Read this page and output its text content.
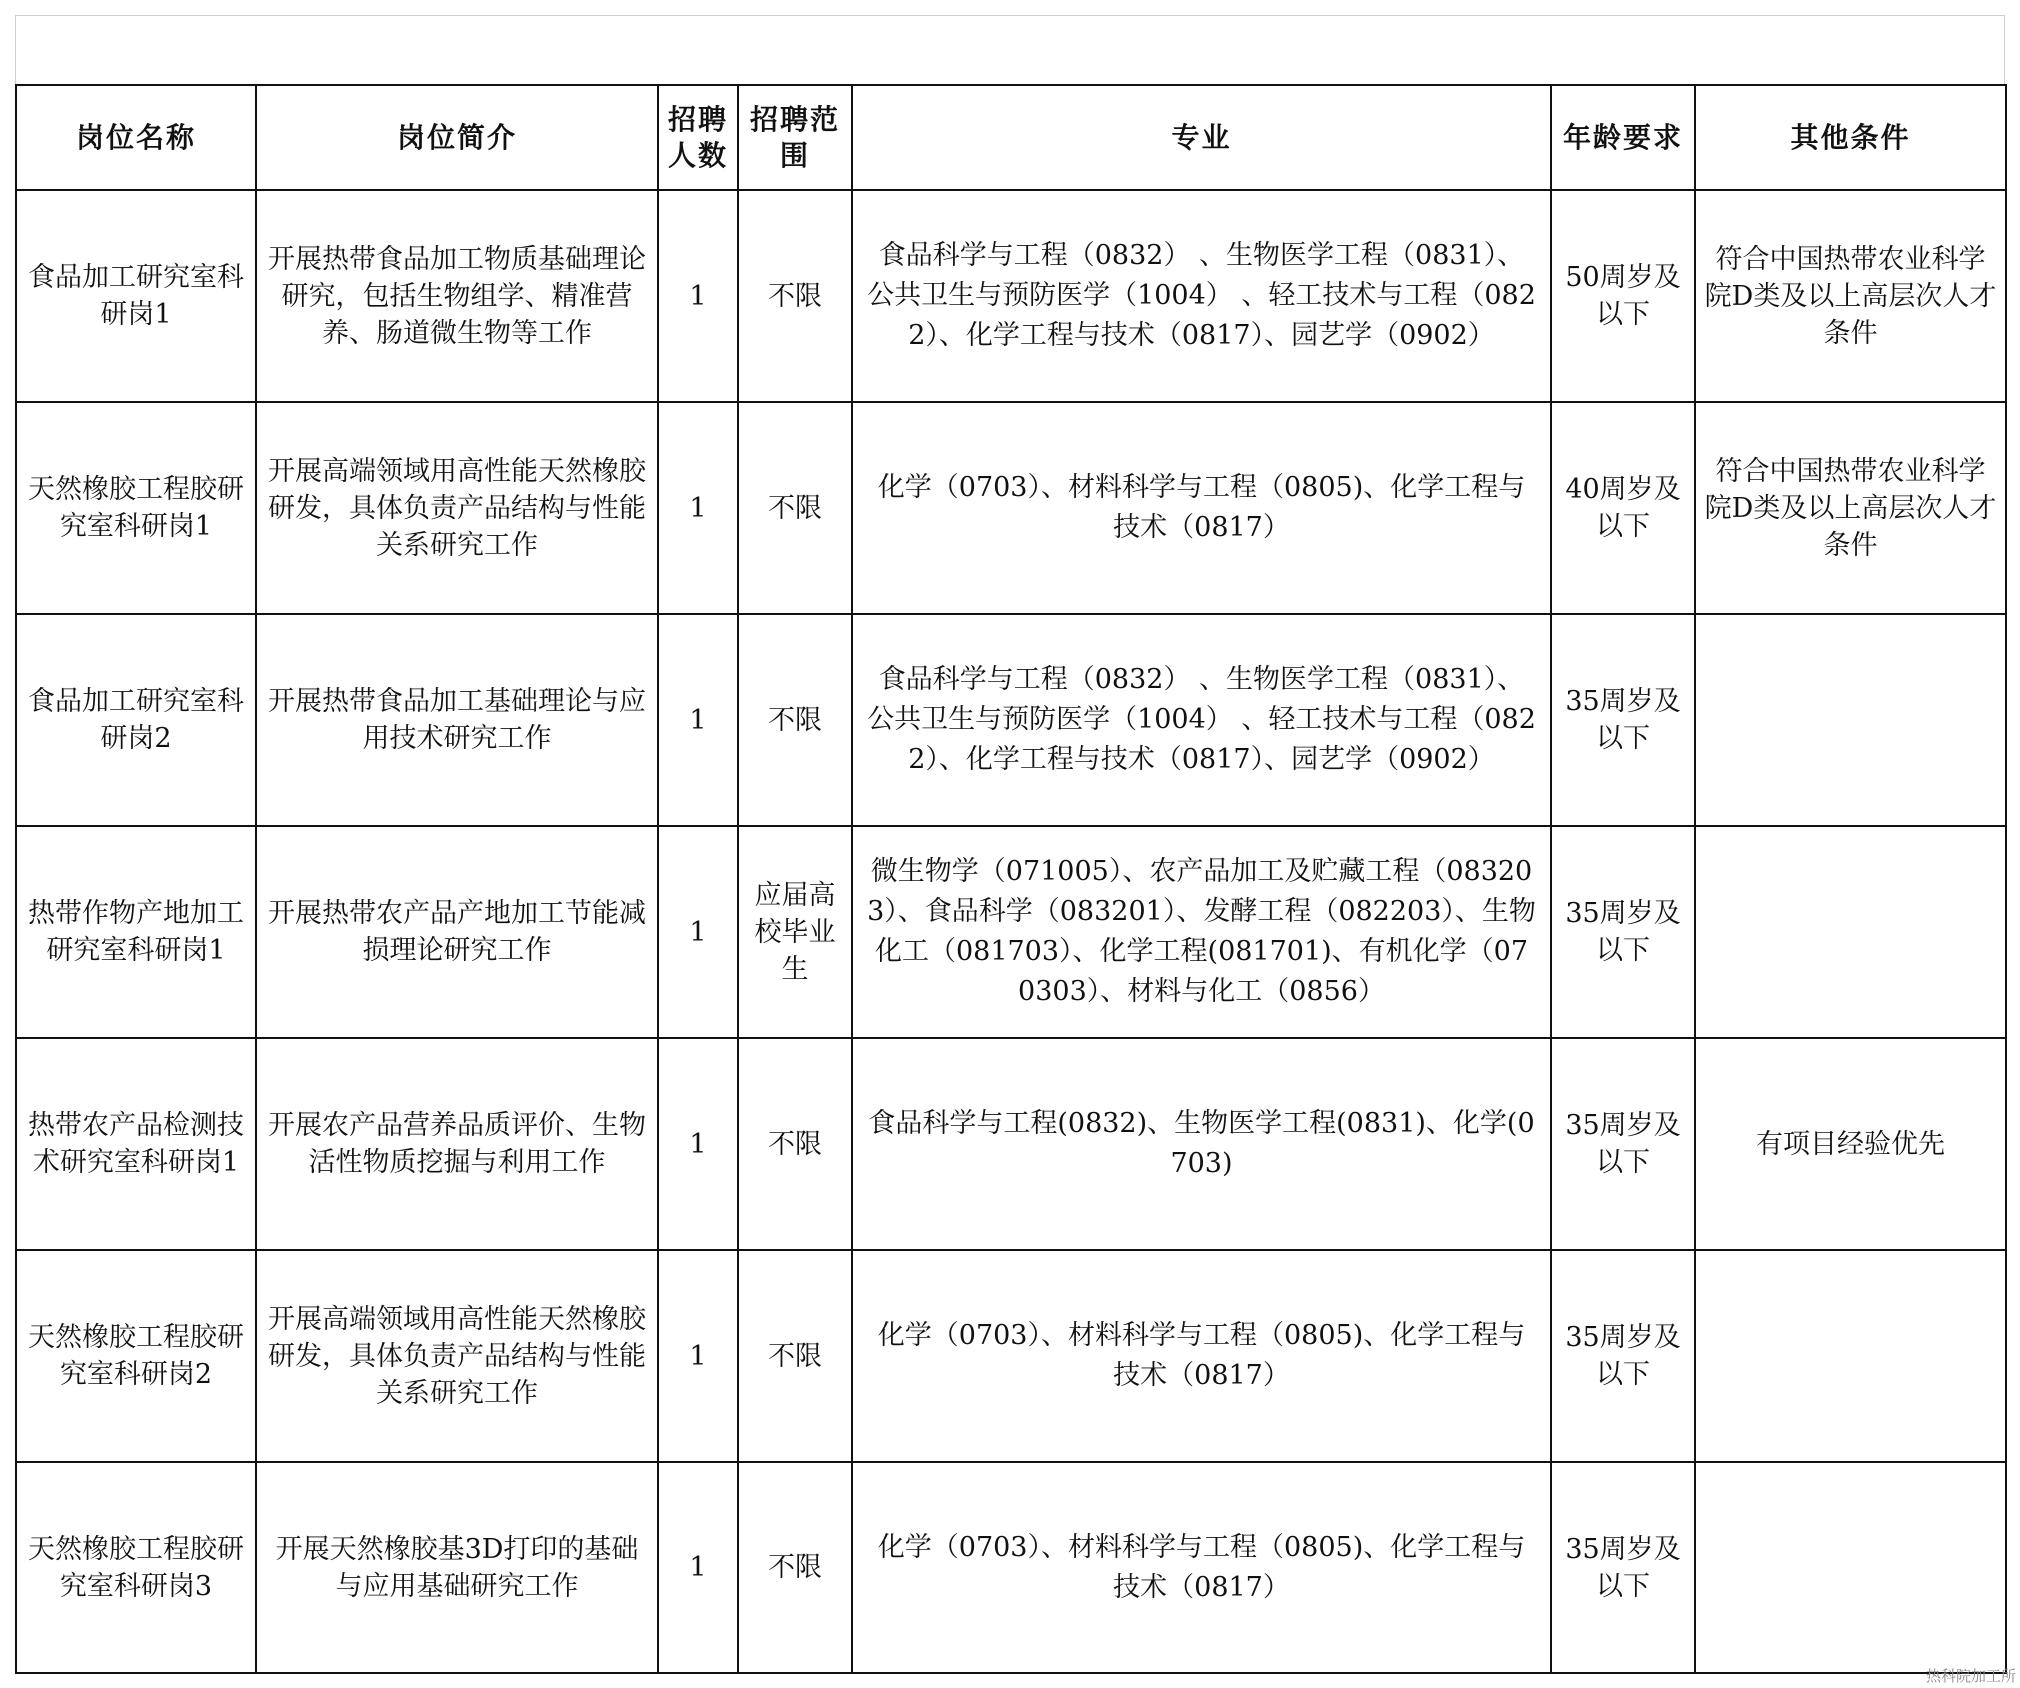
岗位名称	岗位简介	招聘人数	招聘范围	专业	年龄要求	其他条件
食品加工研究室科研岗1	开展热带食品加工物质基础理论研究，包括生物组学、精准营养、肠道微生物等工作	1	不限	食品科学与工程（0832） 、生物医学工程（0831）、公共卫生与预防医学（1004） 、轻工技术与工程（0822）、化学工程与技术（0817）、园艺学（0902）	50周岁及以下	符合中国热带农业科学院D类及以上高层次人才条件
天然橡胶工程胶研究室科研岗1	开展高端领域用高性能天然橡胶研发，具体负责产品结构与性能关系研究工作	1	不限	化学（0703）、材料科学与工程（0805)、化学工程与技术（0817）	40周岁及以下	符合中国热带农业科学院D类及以上高层次人才条件
食品加工研究室科研岗2	开展热带食品加工基础理论与应用技术研究工作	1	不限	食品科学与工程（0832） 、生物医学工程（0831）、公共卫生与预防医学（1004） 、轻工技术与工程（0822）、化学工程与技术（0817）、园艺学（0902）	35周岁及以下	
热带作物产地加工研究室科研岗1	开展热带农产品产地加工节能减损理论研究工作	1	应届高校毕业生	微生物学（071005）、农产品加工及贮藏工程（083203）、食品科学（083201）、发酵工程（082203）、生物化工（081703）、化学工程(081701)、有机化学（070303）、材料与化工（0856）	35周岁及以下	
热带农产品检测技术研究室科研岗1	开展农产品营养品质评价、生物活性物质挖掘与利用工作	1	不限	食品科学与工程(0832)、生物医学工程(0831)、化学(0703)	35周岁及以下	有项目经验优先
天然橡胶工程胶研究室科研岗2	开展高端领域用高性能天然橡胶研发，具体负责产品结构与性能关系研究工作	1	不限	化学（0703）、材料科学与工程（0805)、化学工程与技术（0817）	35周岁及以下	
天然橡胶工程胶研究室科研岗3	开展天然橡胶基3D打印的基础与应用基础研究工作	1	不限	化学（0703）、材料科学与工程（0805)、化学工程与技术（0817）	35周岁及以下	
热科院加工所
